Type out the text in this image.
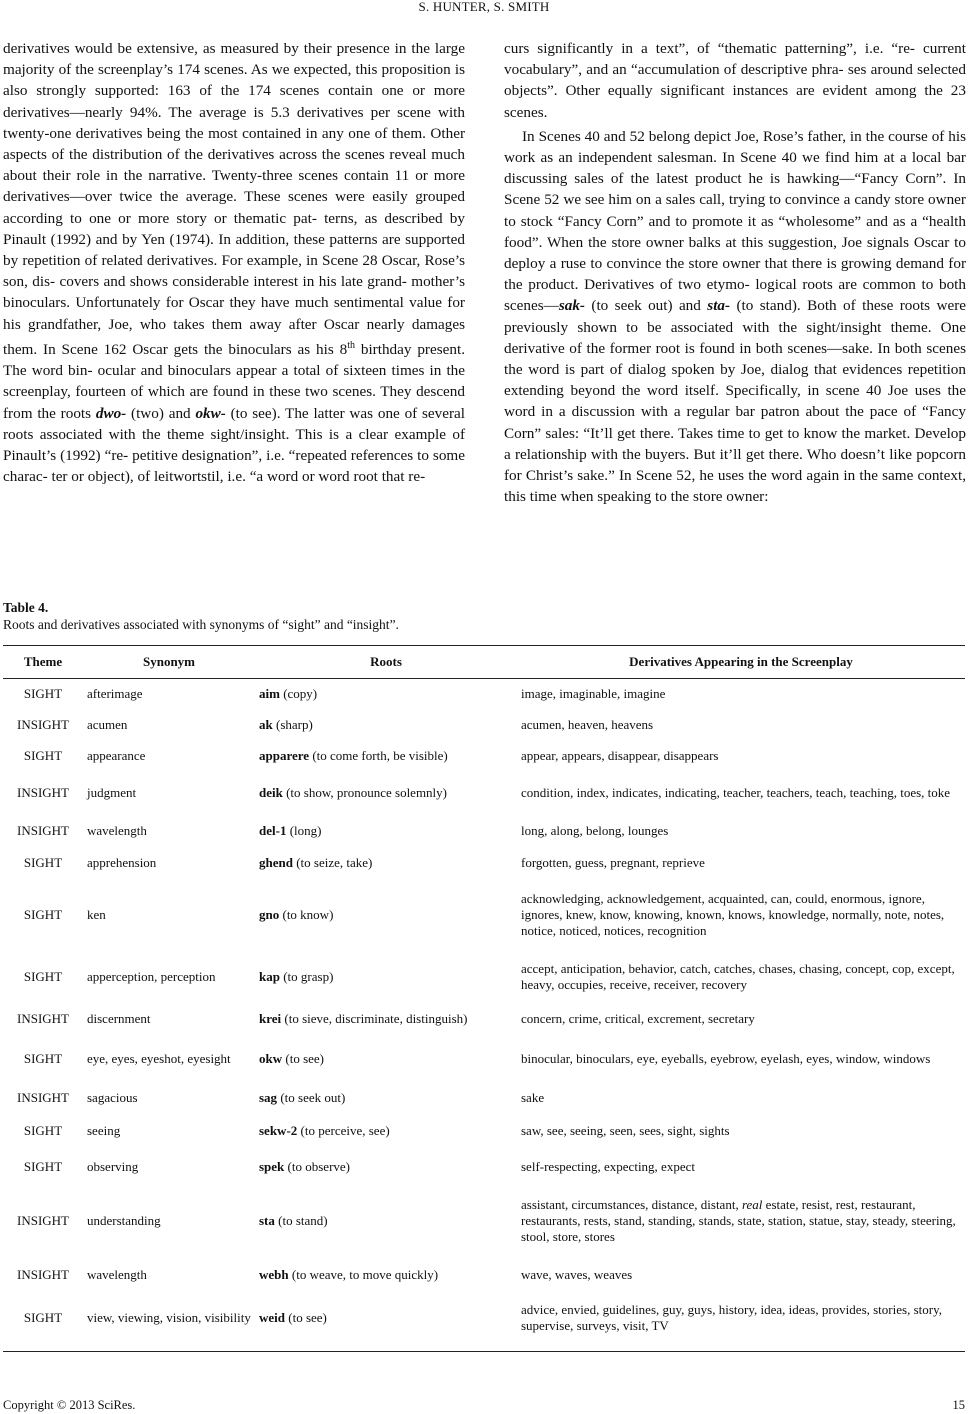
S. HUNTER, S. SMITH

derivatives would be extensive, as measured by their presence in the large majority of the screenplay’s 174 scenes. As we expected, this proposition is also strongly supported: 163 of the 174 scenes contain one or more derivatives—nearly 94%. The average is 5.3 derivatives per scene with twenty-one derivatives being the most contained in any one of them. Other aspects of the distribution of the derivatives across the scenes reveal much about their role in the narrative. Twenty-three scenes contain 11 or more derivatives—over twice the average. These scenes were easily grouped according to one or more story or thematic pat- terns, as described by Pinault (1992) and by Yen (1974). In addition, these patterns are supported by repetition of related derivatives. For example, in Scene 28 Oscar, Rose’s son, dis- covers and shows considerable interest in his late grand- mother’s binoculars. Unfortunately for Oscar they have much sentimental value for his grandfather, Joe, who takes them away after Oscar nearly damages them. In Scene 162 Oscar gets the binoculars as his 8th birthday present. The word bin- ocular and binoculars appear a total of sixteen times in the screenplay, fourteen of which are found in these two scenes. They descend from the roots dwo- (two) and okw- (to see). The latter was one of several roots associated with the theme sight/insight. This is a clear example of Pinault’s (1992) “re- petitive designation”, i.e. “repeated references to some charac- ter or object), of leitwortstil, i.e. “a word or word root that re-

curs significantly in a text”, of “thematic patterning”, i.e. “re- current vocabulary”, and an “accumulation of descriptive phra- ses around selected objects”. Other equally significant instances are evident among the 23 scenes.

In Scenes 40 and 52 belong depict Joe, Rose’s father, in the course of his work as an independent salesman. In Scene 40 we find him at a local bar discussing sales of the latest product he is hawking—“Fancy Corn”. In Scene 52 we see him on a sales call, trying to convince a candy store owner to stock “Fancy Corn” and to promote it as “wholesome” and as a “health food”. When the store owner balks at this suggestion, Joe signals Oscar to deploy a ruse to convince the store owner that there is growing demand for the product. Derivatives of two etymo- logical roots are common to both scenes—sak- (to seek out) and sta- (to stand). Both of these roots were previously shown to be associated with the sight/insight theme. One derivative of the former root is found in both scenes—sake. In both scenes the word is part of dialog spoken by Joe, dialog that evidences repetition extending beyond the word itself. Specifically, in scene 40 Joe uses the word in a discussion with a regular bar patron about the pace of “Fancy Corn” sales: “It’ll get there. Takes time to get to know the market. Develop a relationship with the buyers. But it’ll get there. Who doesn’t like popcorn for Christ’s sake.” In Scene 52, he uses the word again in the same context, this time when speaking to the store owner:

Table 4.
Roots and derivatives associated with synonyms of “sight” and “insight”.
Theme	Synonym	Roots	Derivatives Appearing in the Screenplay
SIGHT	afterimage	aim (copy)	image, imaginable, imagine
INSIGHT	acumen	ak (sharp)	acumen, heaven, heavens
SIGHT	appearance	apparere (to come forth, be visible)	appear, appears, disappear, disappears
INSIGHT	judgment	deik (to show, pronounce solemnly)	condition, index, indicates, indicating, teacher, teachers, teach, teaching, toes, toke
INSIGHT	wavelength	del-1 (long)	long, along, belong, lounges
SIGHT	apprehension	ghend (to seize, take)	forgotten, guess, pregnant, reprieve
SIGHT	ken	gno (to know)	acknowledging, acknowledgement, acquainted, can, could, enormous, ignore, ignores, knew, know, knowing, known, knows, knowledge, normally, note, notes, notice, noticed, notices, recognition
SIGHT	apperception, perception	kap (to grasp)	accept, anticipation, behavior, catch, catches, chases, chasing, concept, cop, except, heavy, occupies, receive, receiver, recovery
INSIGHT	discernment	krei (to sieve, discriminate, distinguish)	concern, crime, critical, excrement, secretary
SIGHT	eye, eyes, eyeshot, eyesight	okw (to see)	binocular, binoculars, eye, eyeballs, eyebrow, eyelash, eyes, window, windows
INSIGHT	sagacious	sag (to seek out)	sake
SIGHT	seeing	sekw-2 (to perceive, see)	saw, see, seeing, seen, sees, sight, sights
SIGHT	observing	spek (to observe)	self-respecting, expecting, expect
INSIGHT	understanding	sta (to stand)	assistant, circumstances, distance, distant, real estate, resist, rest, restaurant, restaurants, rests, stand, standing, stands, state, station, statue, stay, steady, steering, stool, store, stores
INSIGHT	wavelength	webh (to weave, to move quickly)	wave, waves, weaves
SIGHT	view, viewing, vision, visibility	weid (to see)	advice, envied, guidelines, guy, guys, history, idea, ideas, provides, stories, story, supervise, surveys, visit, TV
Copyright © 2013 SciRes.	15
